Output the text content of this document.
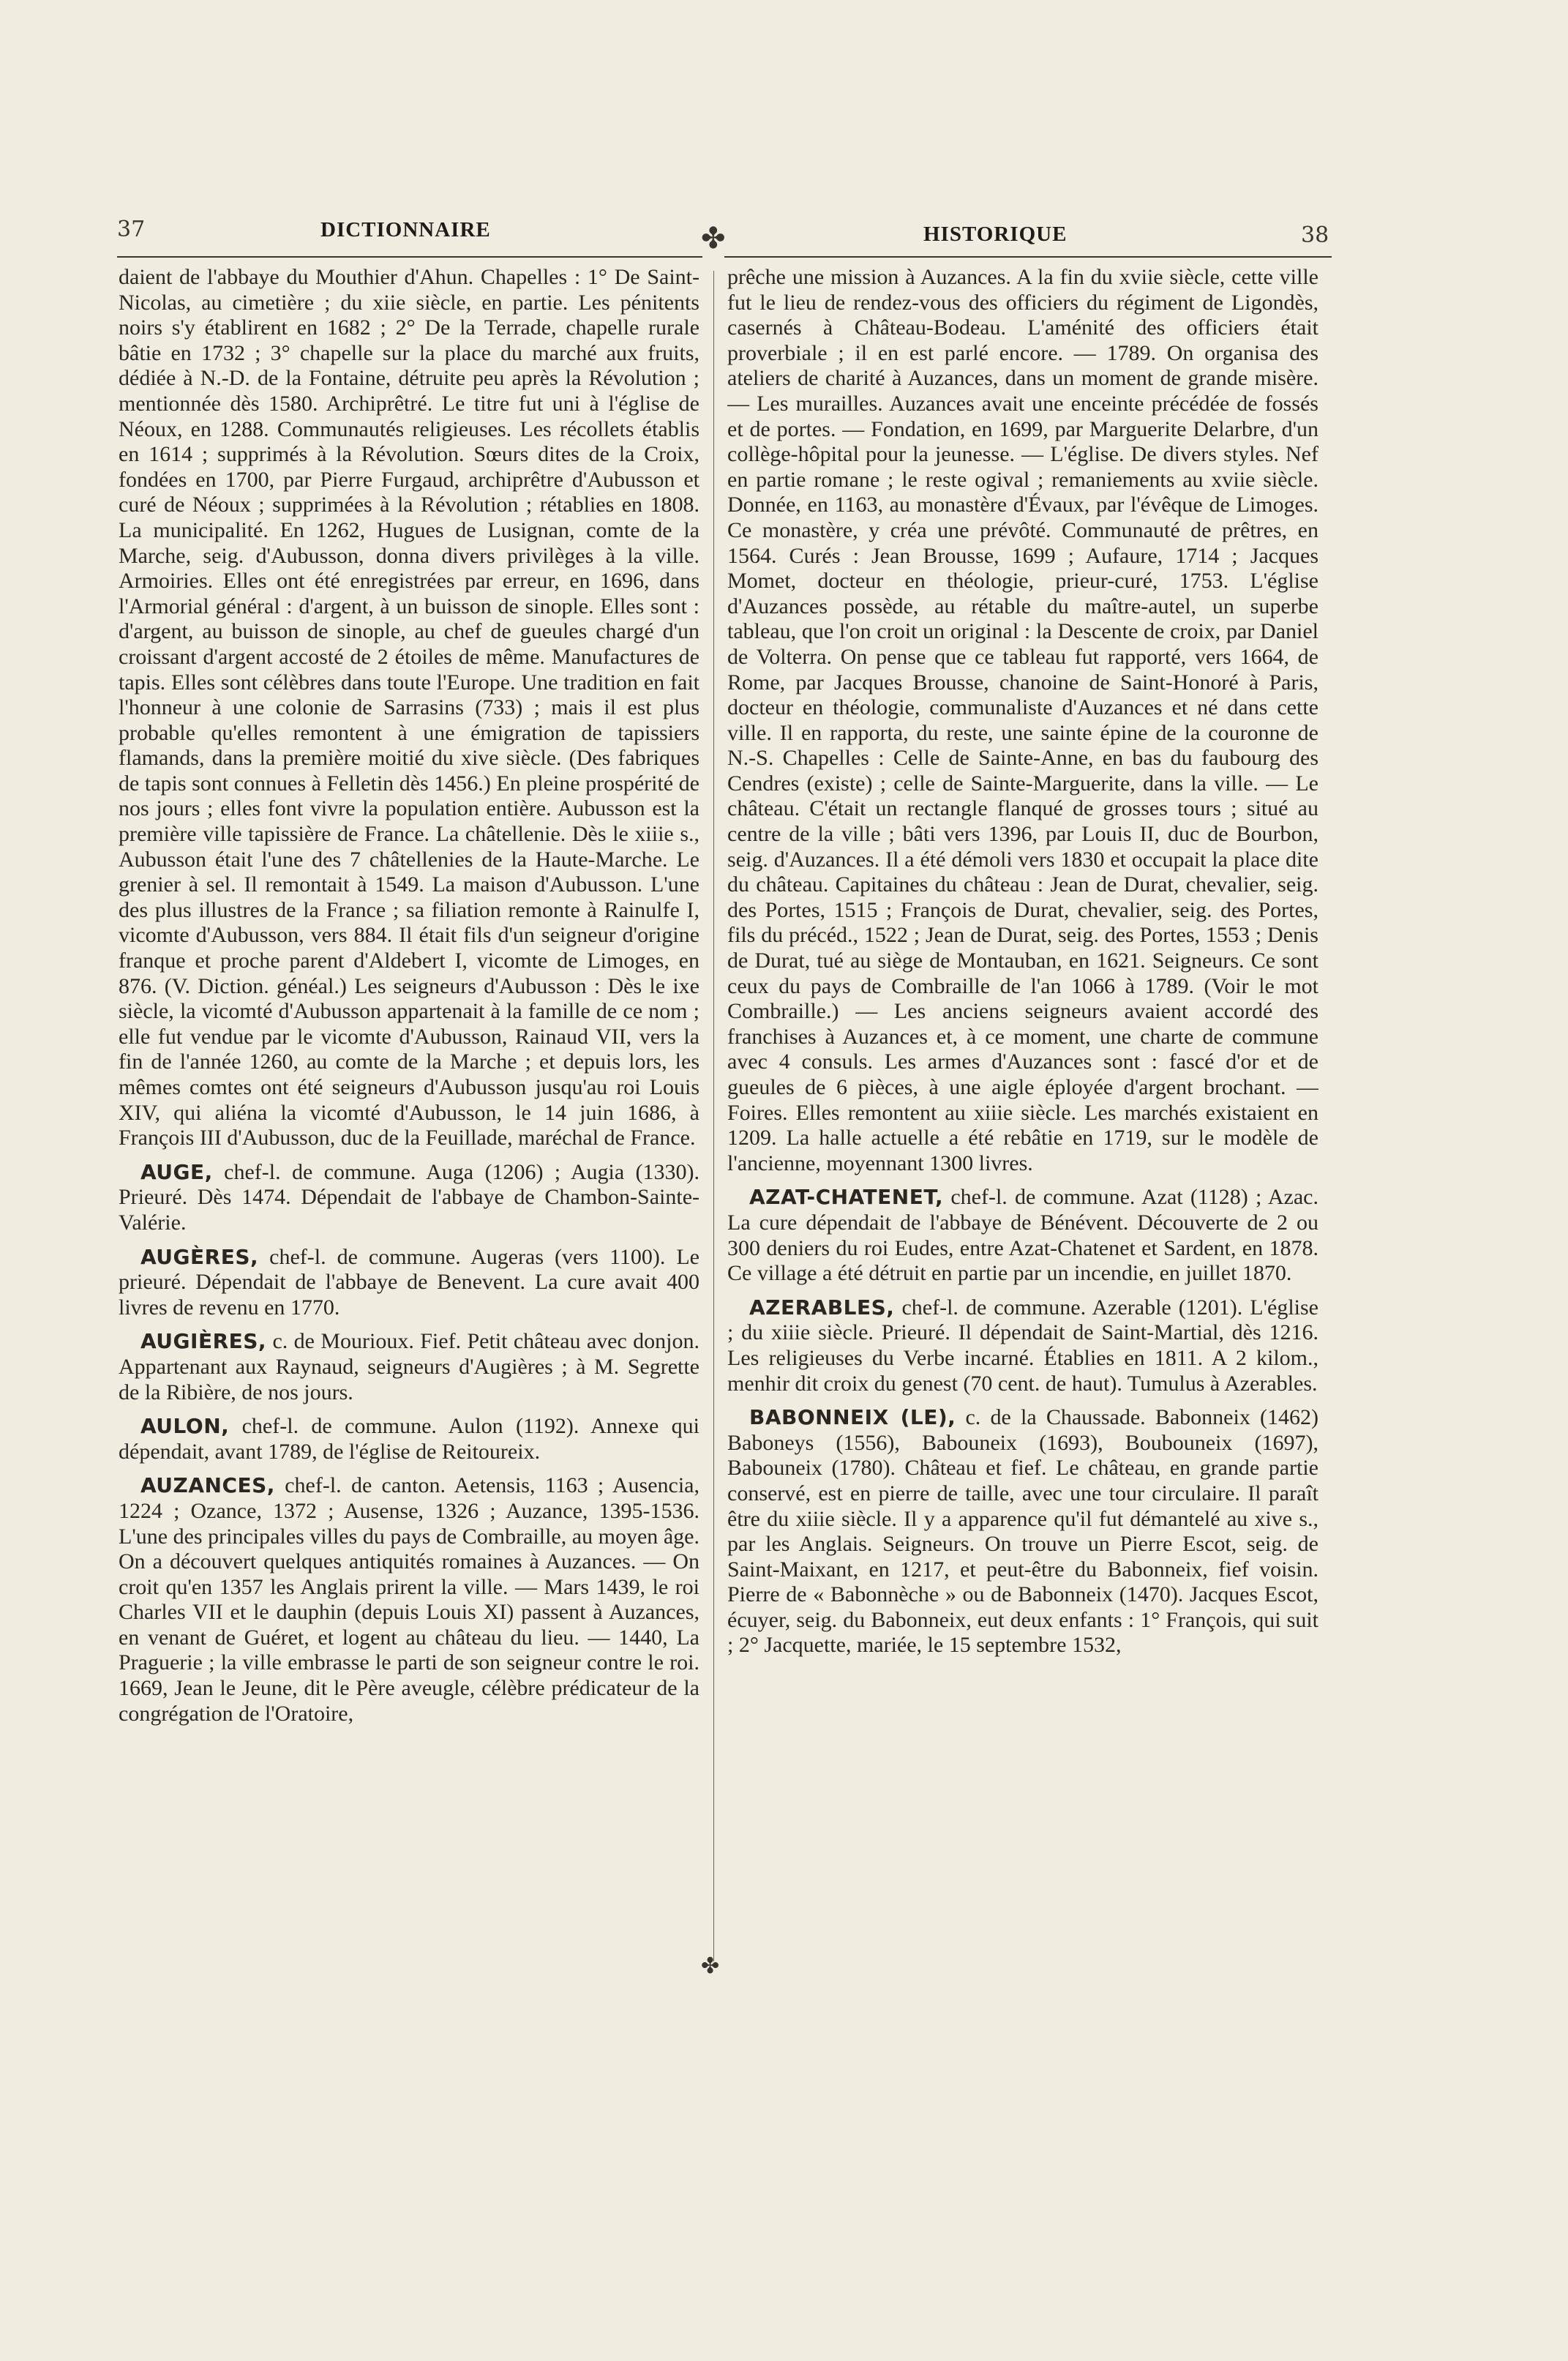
37	DICTIONNAIRE	✤	HISTORIQUE	38
✤

daient de l'abbaye du Mouthier d'Ahun. Chapelles : 1° De Saint-Nicolas, au cimetière ; du xiie siècle, en partie. Les pénitents noirs s'y établirent en 1682 ; 2° De la Terrade, chapelle rurale bâtie en 1732 ; 3° chapelle sur la place du marché aux fruits, dédiée à N.-D. de la Fontaine, détruite peu après la Révolution ; mentionnée dès 1580. Archiprêtré. Le titre fut uni à l'église de Néoux, en 1288. Communautés religieuses. Les récollets établis en 1614 ; supprimés à la Révolution. Sœurs dites de la Croix, fondées en 1700, par Pierre Furgaud, archiprêtre d'Aubusson et curé de Néoux ; supprimées à la Révolution ; rétablies en 1808. La municipalité. En 1262, Hugues de Lusignan, comte de la Marche, seig. d'Aubusson, donna divers privilèges à la ville. Armoiries. Elles ont été enregistrées par erreur, en 1696, dans l'Armorial général : d'argent, à un buisson de sinople. Elles sont : d'argent, au buisson de sinople, au chef de gueules chargé d'un croissant d'argent accosté de 2 étoiles de même. Manufactures de tapis. Elles sont célèbres dans toute l'Europe. Une tradition en fait l'honneur à une colonie de Sarrasins (733) ; mais il est plus probable qu'elles remontent à une émigration de tapissiers flamands, dans la première moitié du xive siècle. (Des fabriques de tapis sont connues à Felletin dès 1456.) En pleine prospérité de nos jours ; elles font vivre la population entière. Aubusson est la première ville tapissière de France. La châtellenie. Dès le xiiie s., Aubusson était l'une des 7 châtellenies de la Haute-Marche. Le grenier à sel. Il remontait à 1549. La maison d'Aubusson. L'une des plus illustres de la France ; sa filiation remonte à Rainulfe I, vicomte d'Aubusson, vers 884. Il était fils d'un seigneur d'origine franque et proche parent d'Aldebert I, vicomte de Limoges, en 876. (V. Diction. généal.) Les seigneurs d'Aubusson : Dès le ixe siècle, la vicomté d'Aubusson appartenait à la famille de ce nom ; elle fut vendue par le vicomte d'Aubusson, Rainaud VII, vers la fin de l'année 1260, au comte de la Marche ; et depuis lors, les mêmes comtes ont été seigneurs d'Aubusson jusqu'au roi Louis XIV, qui aliéna la vicomté d'Aubusson, le 14 juin 1686, à François III d'Aubusson, duc de la Feuillade, maréchal de France.

AUGE, chef-l. de commune. Auga (1206) ; Augia (1330). Prieuré. Dès 1474. Dépendait de l'abbaye de Chambon-Sainte-Valérie.

AUGÈRES, chef-l. de commune. Augeras (vers 1100). Le prieuré. Dépendait de l'abbaye de Benevent. La cure avait 400 livres de revenu en 1770.

AUGIÈRES, c. de Mourioux. Fief. Petit château avec donjon. Appartenant aux Raynaud, seigneurs d'Augières ; à M. Segrette de la Ribière, de nos jours.

AULON, chef-l. de commune. Aulon (1192). Annexe qui dépendait, avant 1789, de l'église de Reitoureix.

AUZANCES, chef-l. de canton. Aetensis, 1163 ; Ausencia, 1224 ; Ozance, 1372 ; Ausense, 1326 ; Auzance, 1395-1536. L'une des principales villes du pays de Combraille, au moyen âge. On a découvert quelques antiquités romaines à Auzances. — On croit qu'en 1357 les Anglais prirent la ville. — Mars 1439, le roi Charles VII et le dauphin (depuis Louis XI) passent à Auzances, en venant de Guéret, et logent au château du lieu. — 1440, La Praguerie ; la ville embrasse le parti de son seigneur contre le roi. 1669, Jean le Jeune, dit le Père aveugle, célèbre prédicateur de la congrégation de l'Oratoire,

prêche une mission à Auzances. A la fin du xviie siècle, cette ville fut le lieu de rendez-vous des officiers du régiment de Ligondès, casernés à Château-Bodeau. L'aménité des officiers était proverbiale ; il en est parlé encore. — 1789. On organisa des ateliers de charité à Auzances, dans un moment de grande misère. — Les murailles. Auzances avait une enceinte précédée de fossés et de portes. — Fondation, en 1699, par Marguerite Delarbre, d'un collège-hôpital pour la jeunesse. — L'église. De divers styles. Nef en partie romane ; le reste ogival ; remaniements au xviie siècle. Donnée, en 1163, au monastère d'Évaux, par l'évêque de Limoges. Ce monastère, y créa une prévôté. Communauté de prêtres, en 1564. Curés : Jean Brousse, 1699 ; Aufaure, 1714 ; Jacques Momet, docteur en théologie, prieur-curé, 1753. L'église d'Auzances possède, au rétable du maître-autel, un superbe tableau, que l'on croit un original : la Descente de croix, par Daniel de Volterra. On pense que ce tableau fut rapporté, vers 1664, de Rome, par Jacques Brousse, chanoine de Saint-Honoré à Paris, docteur en théologie, communaliste d'Auzances et né dans cette ville. Il en rapporta, du reste, une sainte épine de la couronne de N.-S. Chapelles : Celle de Sainte-Anne, en bas du faubourg des Cendres (existe) ; celle de Sainte-Marguerite, dans la ville. — Le château. C'était un rectangle flanqué de grosses tours ; situé au centre de la ville ; bâti vers 1396, par Louis II, duc de Bourbon, seig. d'Auzances. Il a été démoli vers 1830 et occupait la place dite du château. Capitaines du château : Jean de Durat, chevalier, seig. des Portes, 1515 ; François de Durat, chevalier, seig. des Portes, fils du précéd., 1522 ; Jean de Durat, seig. des Portes, 1553 ; Denis de Durat, tué au siège de Montauban, en 1621. Seigneurs. Ce sont ceux du pays de Combraille de l'an 1066 à 1789. (Voir le mot Combraille.) — Les anciens seigneurs avaient accordé des franchises à Auzances et, à ce moment, une charte de commune avec 4 consuls. Les armes d'Auzances sont : fascé d'or et de gueules de 6 pièces, à une aigle éployée d'argent brochant. — Foires. Elles remontent au xiiie siècle. Les marchés existaient en 1209. La halle actuelle a été rebâtie en 1719, sur le modèle de l'ancienne, moyennant 1300 livres.

AZAT-CHATENET, chef-l. de commune. Azat (1128) ; Azac. La cure dépendait de l'abbaye de Bénévent. Découverte de 2 ou 300 deniers du roi Eudes, entre Azat-Chatenet et Sardent, en 1878. Ce village a été détruit en partie par un incendie, en juillet 1870.

AZERABLES, chef-l. de commune. Azerable (1201). L'église ; du xiiie siècle. Prieuré. Il dépendait de Saint-Martial, dès 1216. Les religieuses du Verbe incarné. Établies en 1811. A 2 kilom., menhir dit croix du genest (70 cent. de haut). Tumulus à Azerables.

BABONNEIX (LE), c. de la Chaussade. Babonneix (1462) Baboneys (1556), Babouneix (1693), Boubouneix (1697), Babouneix (1780). Château et fief. Le château, en grande partie conservé, est en pierre de taille, avec une tour circulaire. Il paraît être du xiiie siècle. Il y a apparence qu'il fut démantelé au xive s., par les Anglais. Seigneurs. On trouve un Pierre Escot, seig. de Saint-Maixant, en 1217, et peut-être du Babonneix, fief voisin. Pierre de « Babonnèche » ou de Babonneix (1470). Jacques Escot, écuyer, seig. du Babonneix, eut deux enfants : 1° François, qui suit ; 2° Jacquette, mariée, le 15 septembre 1532,
